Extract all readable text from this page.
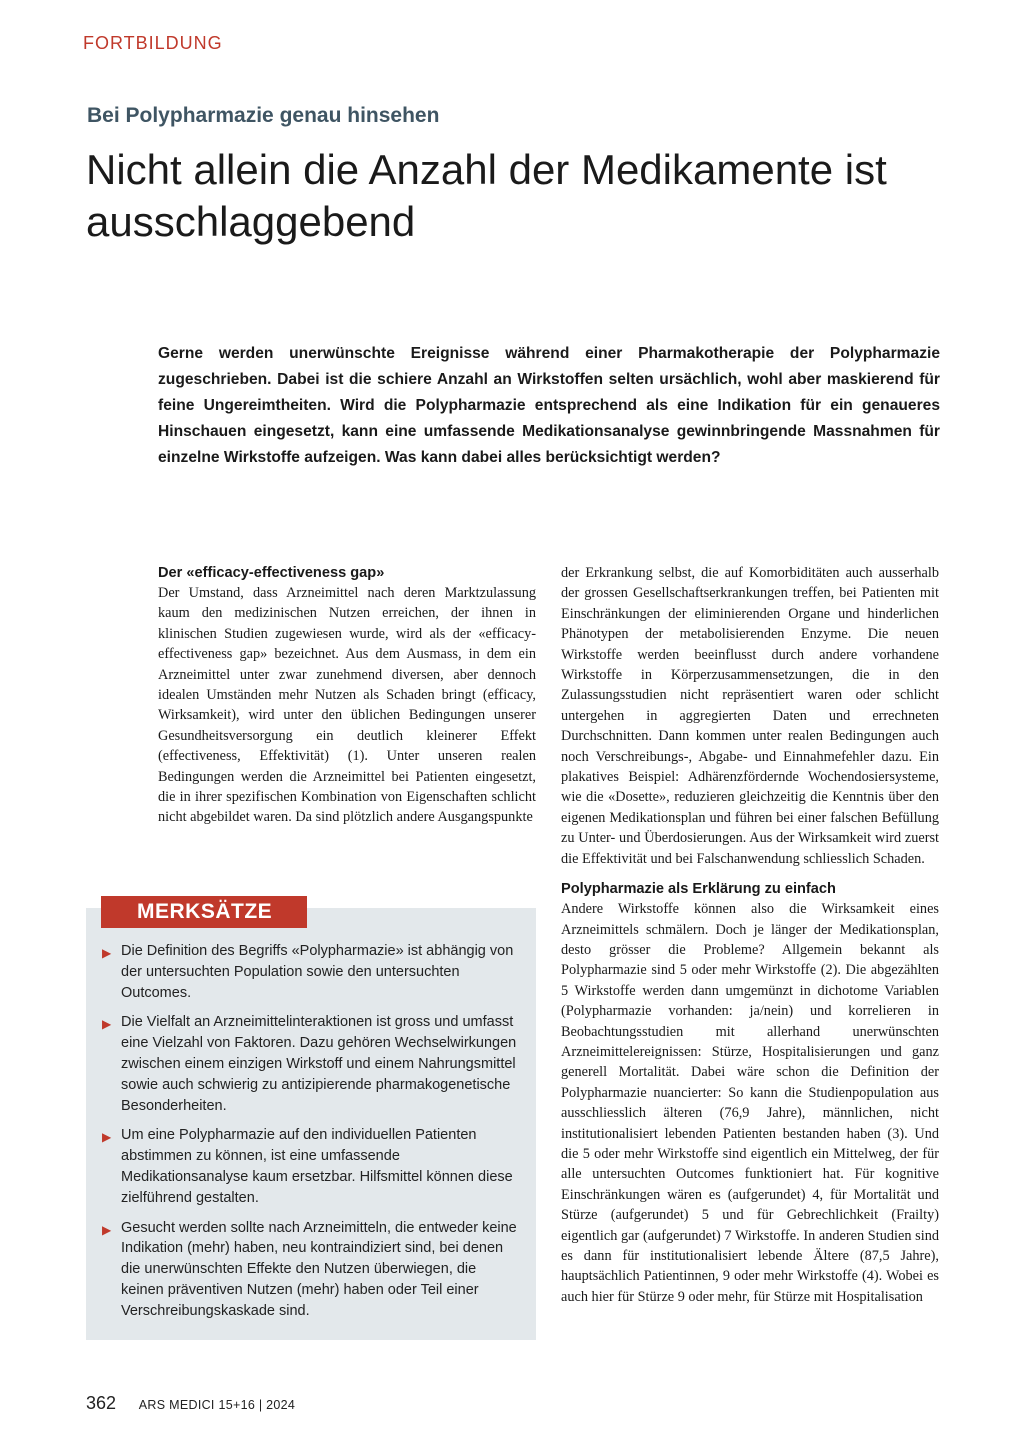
FORTBILDUNG
Bei Polypharmazie genau hinsehen
Nicht allein die Anzahl der Medikamente ist ausschlaggebend

Gerne werden unerwünschte Ereignisse während einer Pharmakotherapie der Polypharmazie zugeschrieben. Dabei ist die schiere Anzahl an Wirkstoffen selten ursächlich, wohl aber maskierend für feine Ungereimtheiten. Wird die Polypharmazie entsprechend als eine Indikation für ein genaueres Hinschauen eingesetzt, kann eine umfassende Medikationsanalyse gewinnbringende Massnahmen für einzelne Wirkstoffe aufzeigen. Was kann dabei alles berücksichtigt werden?

Der «efficacy-effectiveness gap»

Der Umstand, dass Arzneimittel nach deren Marktzulassung kaum den medizinischen Nutzen erreichen, der ihnen in klinischen Studien zugewiesen wurde, wird als der «efficacy-effectiveness gap» bezeichnet. Aus dem Ausmass, in dem ein Arzneimittel unter zwar zunehmend diversen, aber dennoch idealen Umständen mehr Nutzen als Schaden bringt (efficacy, Wirksamkeit), wird unter den üblichen Bedingungen unserer Gesundheitsversorgung ein deutlich kleinerer Effekt (effectiveness, Effektivität) (1). Unter unseren realen Bedingungen werden die Arzneimittel bei Patienten eingesetzt, die in ihrer spezifischen Kombination von Eigenschaften schlicht nicht abgebildet waren. Da sind plötzlich andere Ausgangspunkte

der Erkrankung selbst, die auf Komorbiditäten auch ausserhalb der grossen Gesellschaftserkrankungen treffen, bei Patienten mit Einschränkungen der eliminierenden Organe und hinderlichen Phänotypen der metabolisierenden Enzyme. Die neuen Wirkstoffe werden beeinflusst durch andere vorhandene Wirkstoffe in Körperzusammensetzungen, die in den Zulassungsstudien nicht repräsentiert waren oder schlicht untergehen in aggregierten Daten und errechneten Durchschnitten. Dann kommen unter realen Bedingungen auch noch Verschreibungs-, Abgabe- und Einnahmefehler dazu. Ein plakatives Beispiel: Adhärenzfördernde Wochendosiersysteme, wie die «Dosette», reduzieren gleichzeitig die Kenntnis über den eigenen Medikationsplan und führen bei einer falschen Befüllung zu Unter- und Überdosierungen. Aus der Wirksamkeit wird zuerst die Effektivität und bei Falschanwendung schliesslich Schaden.

Polypharmazie als Erklärung zu einfach

Andere Wirkstoffe können also die Wirksamkeit eines Arzneimittels schmälern. Doch je länger der Medikationsplan, desto grösser die Probleme? Allgemein bekannt als Polypharmazie sind 5 oder mehr Wirkstoffe (2). Die abgezählten 5 Wirkstoffe werden dann umgemünzt in dichotome Variablen (Polypharmazie vorhanden: ja/nein) und korrelieren in Beobachtungsstudien mit allerhand unerwünschten Arzneimittelereignissen: Stürze, Hospitalisierungen und ganz generell Mortalität. Dabei wäre schon die Definition der Polypharmazie nuancierter: So kann die Studienpopulation aus ausschliesslich älteren (76,9 Jahre), männlichen, nicht institutionalisiert lebenden Patienten bestanden haben (3). Und die 5 oder mehr Wirkstoffe sind eigentlich ein Mittelweg, der für alle untersuchten Outcomes funktioniert hat. Für kognitive Einschränkungen wären es (aufgerundet) 4, für Mortalität und Stürze (aufgerundet) 5 und für Gebrechlichkeit (Frailty) eigentlich gar (aufgerundet) 7 Wirkstoffe. In anderen Studien sind es dann für institutionalisiert lebende Ältere (87,5 Jahre), hauptsächlich Patientinnen, 9 oder mehr Wirkstoffe (4). Wobei es auch hier für Stürze 9 oder mehr, für Stürze mit Hospitalisation

MERKSÄTZE
▶ Die Definition des Begriffs «Polypharmazie» ist abhängig von der untersuchten Population sowie den untersuchten Outcomes.
▶ Die Vielfalt an Arzneimittelinteraktionen ist gross und umfasst eine Vielzahl von Faktoren. Dazu gehören Wechselwirkungen zwischen einem einzigen Wirkstoff und einem Nahrungsmittel sowie auch schwierig zu antizipierende pharmakogenetische Besonderheiten.
▶ Um eine Polypharmazie auf den individuellen Patienten abstimmen zu können, ist eine umfassende Medikationsanalyse kaum ersetzbar. Hilfsmittel können diese zielführend gestalten.
▶ Gesucht werden sollte nach Arzneimitteln, die entweder keine Indikation (mehr) haben, neu kontraindiziert sind, bei denen die unerwünschten Effekte den Nutzen überwiegen, die keinen präventiven Nutzen (mehr) haben oder Teil einer Verschreibungskaskade sind.
362 ARS MEDICI 15+16 | 2024
